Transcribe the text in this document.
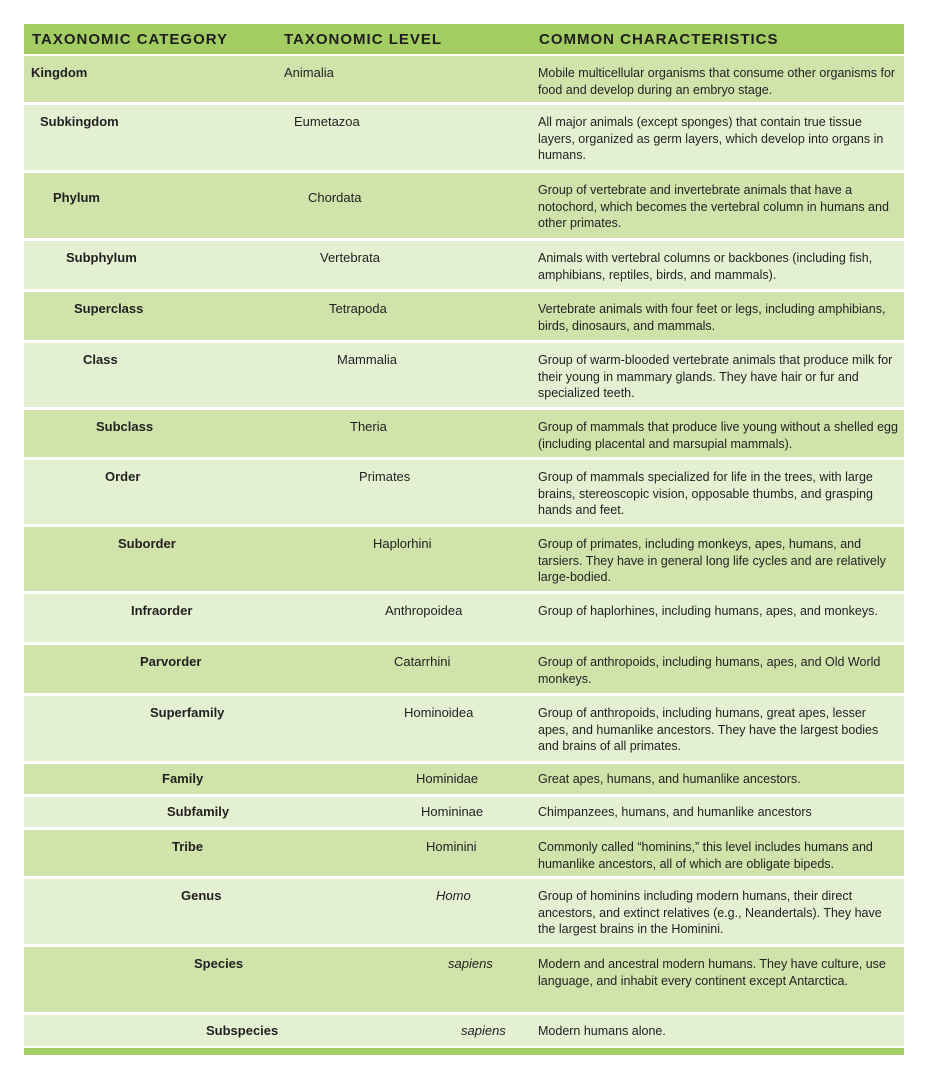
TAXONOMIC CATEGORY	TAXONOMIC LEVEL	COMMON CHARACTERISTICS
Kingdom	Animalia	Mobile multicellular organisms that consume other organisms for food and develop during an embryo stage.
Subkingdom	Eumetazoa	All major animals (except sponges) that contain true tissue layers, organized as germ layers, which develop into organs in humans.
Phylum	Chordata	Group of vertebrate and invertebrate animals that have a notochord, which becomes the vertebral column in humans and other primates.
Subphylum	Vertebrata	Animals with vertebral columns or backbones (including fish, amphibians, reptiles, birds, and mammals).
Superclass	Tetrapoda	Vertebrate animals with four feet or legs, including amphibians, birds, dinosaurs, and mammals.
Class	Mammalia	Group of warm-blooded vertebrate animals that produce milk for their young in mammary glands. They have hair or fur and specialized teeth.
Subclass	Theria	Group of mammals that produce live young without a shelled egg (including placental and marsupial mammals).
Order	Primates	Group of mammals specialized for life in the trees, with large brains, stereoscopic vision, opposable thumbs, and grasping hands and feet.
Suborder	Haplorhini	Group of primates, including monkeys, apes, humans, and tarsiers. They have in general long life cycles and are relatively large-bodied.
Infraorder	Anthropoidea	Group of haplorhines, including humans, apes, and monkeys.
Parvorder	Catarrhini	Group of anthropoids, including humans, apes, and Old World monkeys.
Superfamily	Hominoidea	Group of anthropoids, including humans, great apes, lesser apes, and humanlike ancestors. They have the largest bodies and brains of all primates.
Family	Hominidae	Great apes, humans, and humanlike ancestors.
Subfamily	Homininae	Chimpanzees, humans, and humanlike ancestors
Tribe	Hominini	Commonly called “hominins,” this level includes humans and humanlike ancestors, all of which are obligate bipeds.
Genus	Homo	Group of hominins including modern humans, their direct ancestors, and extinct relatives (e.g., Neandertals). They have the largest brains in the Hominini.
Species	sapiens	Modern and ancestral modern humans. They have culture, use language, and inhabit every continent except Antarctica.
Subspecies	sapiens	Modern humans alone.
